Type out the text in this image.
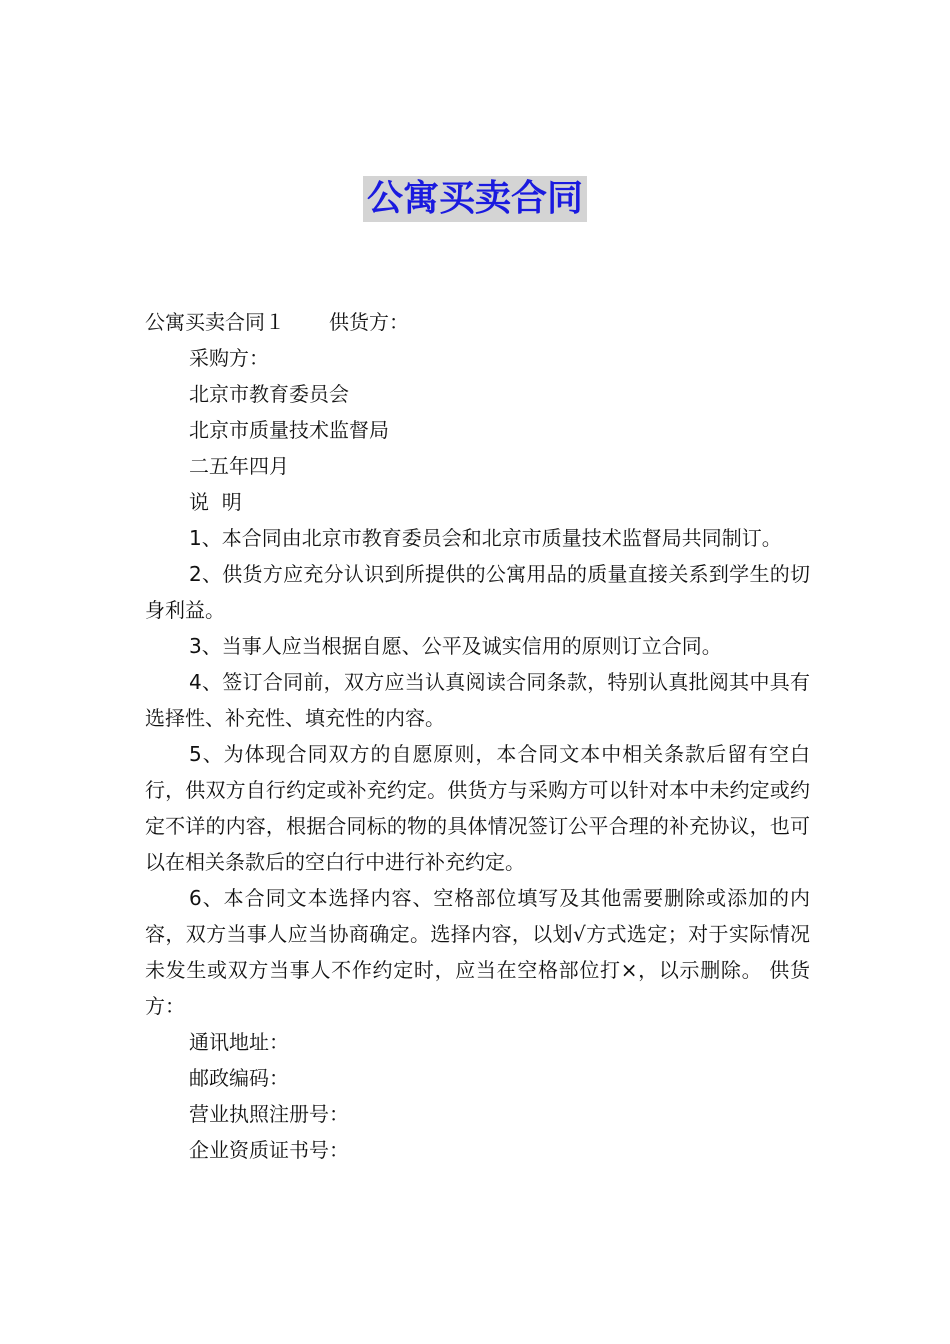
公寓买卖合同

公寓买卖合同１ 供货方：

采购方：

北京市教育委员会

北京市质量技术监督局

二五年四月

说  明

1、本合同由北京市教育委员会和北京市质量技术监督局共同制订。

2、供货方应充分认识到所提供的公寓用品的质量直接关系到学生的切身利益。

3、当事人应当根据自愿、公平及诚实信用的原则订立合同。

4、签订合同前，双方应当认真阅读合同条款，特别认真批阅其中具有选择性、补充性、填充性的内容。

5、为体现合同双方的自愿原则，本合同文本中相关条款后留有空白行，供双方自行约定或补充约定。供货方与采购方可以针对本中未约定或约定不详的内容，根据合同标的物的具体情况签订公平合理的补充协议，也可以在相关条款后的空白行中进行补充约定。

6、本合同文本选择内容、空格部位填写及其他需要删除或添加的内容，双方当事人应当协商确定。选择内容，以划√方式选定；对于实际情况未发生或双方当事人不作约定时，应当在空格部位打×，以示删除。 供货方：

通讯地址：

邮政编码：

营业执照注册号：

企业资质证书号：
